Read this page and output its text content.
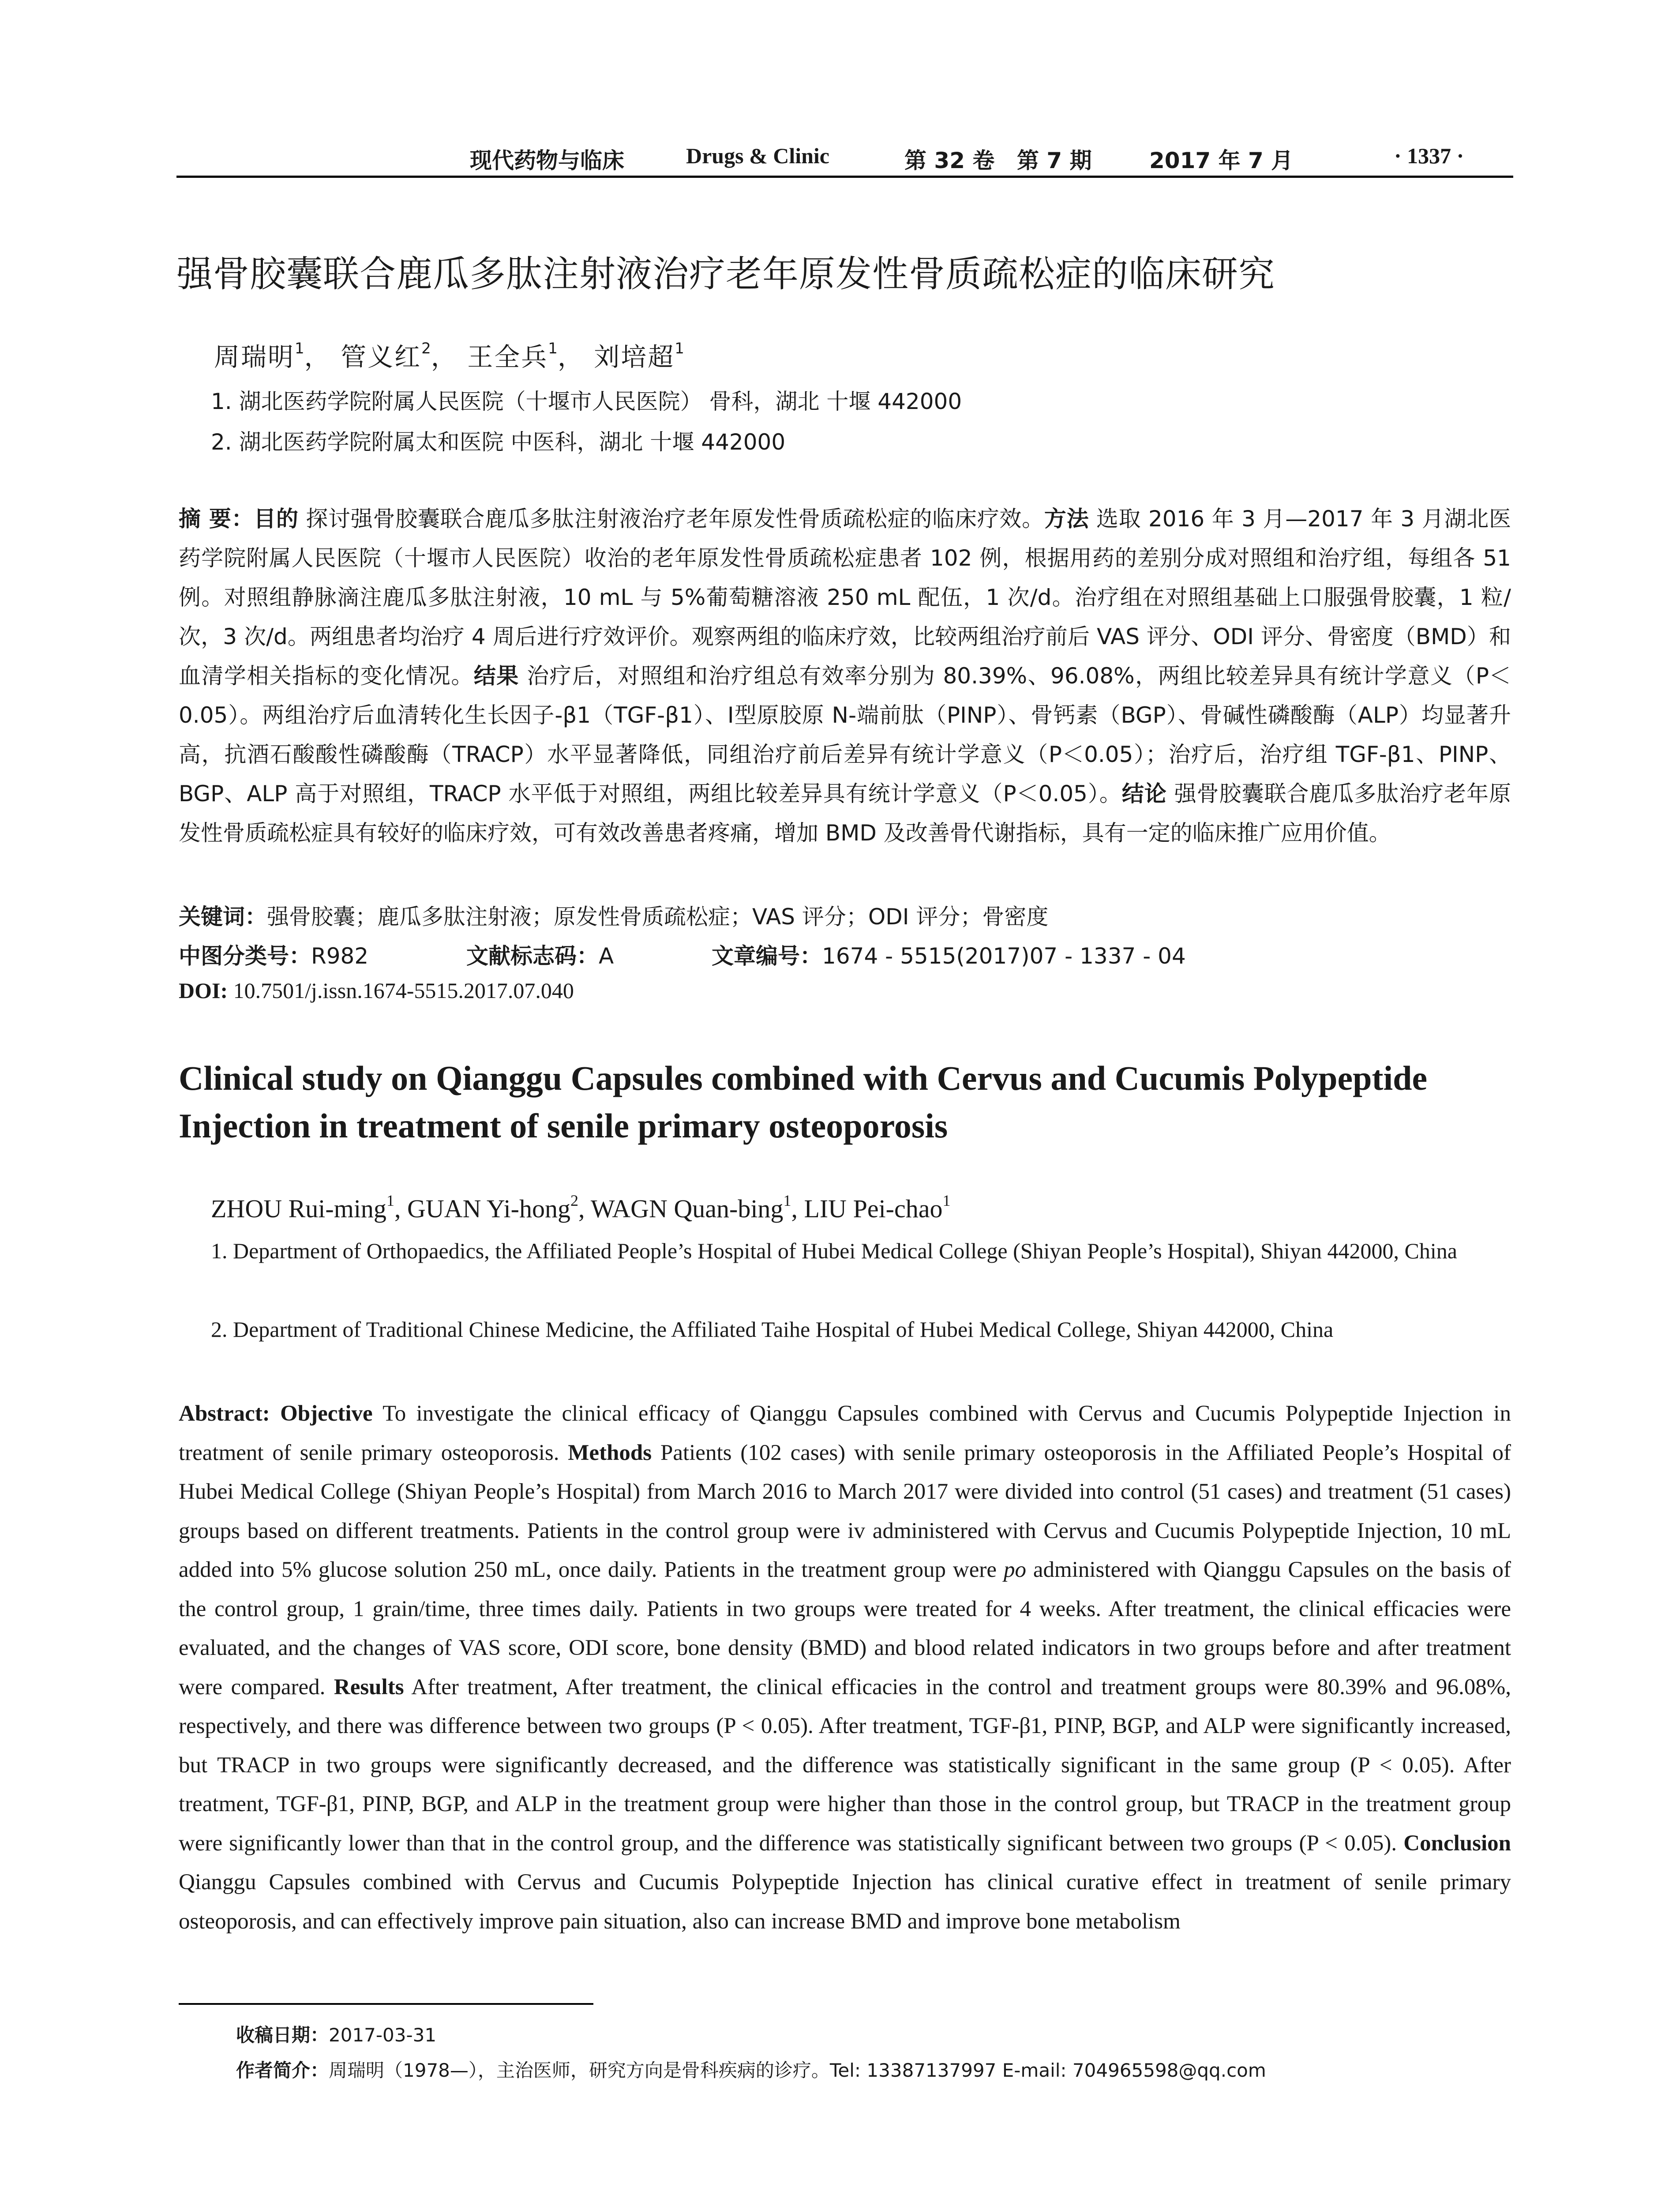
现代药物与临床	Drugs & Clinic	第 32 卷 第 7 期	2017 年 7 月	· 1337 ·
强骨胶囊联合鹿瓜多肽注射液治疗老年原发性骨质疏松症的临床研究
周瑞明$^1$， 管义红$^2$， 王全兵$^1$， 刘培超$^1$
1. 湖北医药学院附属人民医院（十堰市人民医院） 骨科，湖北 十堰 442000
2. 湖北医药学院附属太和医院 中医科，湖北 十堰 442000
摘 要：目的 探讨强骨胶囊联合鹿瓜多肽注射液治疗老年原发性骨质疏松症的临床疗效。方法 选取 2016 年 3 月—2017 年 3 月湖北医药学院附属人民医院（十堰市人民医院）收治的老年原发性骨质疏松症患者 102 例，根据用药的差别分成对照组和治疗组，每组各 51 例。对照组静脉滴注鹿瓜多肽注射液，10 mL 与 5%葡萄糖溶液 250 mL 配伍，1 次/d。治疗组在对照组基础上口服强骨胶囊，1 粒/次，3 次/d。两组患者均治疗 4 周后进行疗效评价。观察两组的临床疗效，比较两组治疗前后 VAS 评分、ODI 评分、骨密度（BMD）和血清学相关指标的变化情况。结果 治疗后，对照组和治疗组总有效率分别为 80.39%、96.08%，两组比较差异具有统计学意义（P＜0.05）。两组治疗后血清转化生长因子-β1（TGF-β1）、Ⅰ型原胶原 N-端前肽（PINP）、骨钙素（BGP）、骨碱性磷酸酶（ALP）均显著升高，抗酒石酸酸性磷酸酶（TRACP）水平显著降低，同组治疗前后差异有统计学意义（P＜0.05）；治疗后，治疗组 TGF-β1、PINP、BGP、ALP 高于对照组，TRACP 水平低于对照组，两组比较差异具有统计学意义（P＜0.05）。结论 强骨胶囊联合鹿瓜多肽治疗老年原发性骨质疏松症具有较好的临床疗效，可有效改善患者疼痛，增加 BMD 及改善骨代谢指标，具有一定的临床推广应用价值。
关键词：强骨胶囊；鹿瓜多肽注射液；原发性骨质疏松症；VAS 评分；ODI 评分；骨密度
中图分类号：R982	文献标志码：A	文章编号：1674 - 5515(2017)07 - 1337 - 04
DOI: 10.7501/j.issn.1674-5515.2017.07.040
Clinical study on Qianggu Capsules combined with Cervus and Cucumis Polypeptide Injection in treatment of senile primary osteoporosis
ZHOU Rui-ming$^1$, GUAN Yi-hong$^2$, WAGN Quan-bing$^1$, LIU Pei-chao$^1$
1. Department of Orthopaedics, the Affiliated People’s Hospital of Hubei Medical College (Shiyan People’s Hospital), Shiyan 442000, China
2. Department of Traditional Chinese Medicine, the Affiliated Taihe Hospital of Hubei Medical College, Shiyan 442000, China
Abstract: Objective To investigate the clinical efficacy of Qianggu Capsules combined with Cervus and Cucumis Polypeptide Injection in treatment of senile primary osteoporosis. Methods Patients (102 cases) with senile primary osteoporosis in the Affiliated People’s Hospital of Hubei Medical College (Shiyan People’s Hospital) from March 2016 to March 2017 were divided into control (51 cases) and treatment (51 cases) groups based on different treatments. Patients in the control group were iv administered with Cervus and Cucumis Polypeptide Injection, 10 mL added into 5% glucose solution 250 mL, once daily. Patients in the treatment group were po administered with Qianggu Capsules on the basis of the control group, 1 grain/time, three times daily. Patients in two groups were treated for 4 weeks. After treatment, the clinical efficacies were evaluated, and the changes of VAS score, ODI score, bone density (BMD) and blood related indicators in two groups before and after treatment were compared. Results After treatment, After treatment, the clinical efficacies in the control and treatment groups were 80.39% and 96.08%, respectively, and there was difference between two groups (P < 0.05). After treatment, TGF-β1, PINP, BGP, and ALP were significantly increased, but TRACP in two groups were significantly decreased, and the difference was statistically significant in the same group (P < 0.05). After treatment, TGF-β1, PINP, BGP, and ALP in the treatment group were higher than those in the control group, but TRACP in the treatment group were significantly lower than that in the control group, and the difference was statistically significant between two groups (P < 0.05). Conclusion Qianggu Capsules combined with Cervus and Cucumis Polypeptide Injection has clinical curative effect in treatment of senile primary osteoporosis, and can effectively improve pain situation, also can increase BMD and improve bone metabolism
收稿日期：2017-03-31
作者简介：周瑞明（1978—），主治医师，研究方向是骨科疾病的诊疗。Tel: 13387137997 E-mail: 704965598@qq.com
